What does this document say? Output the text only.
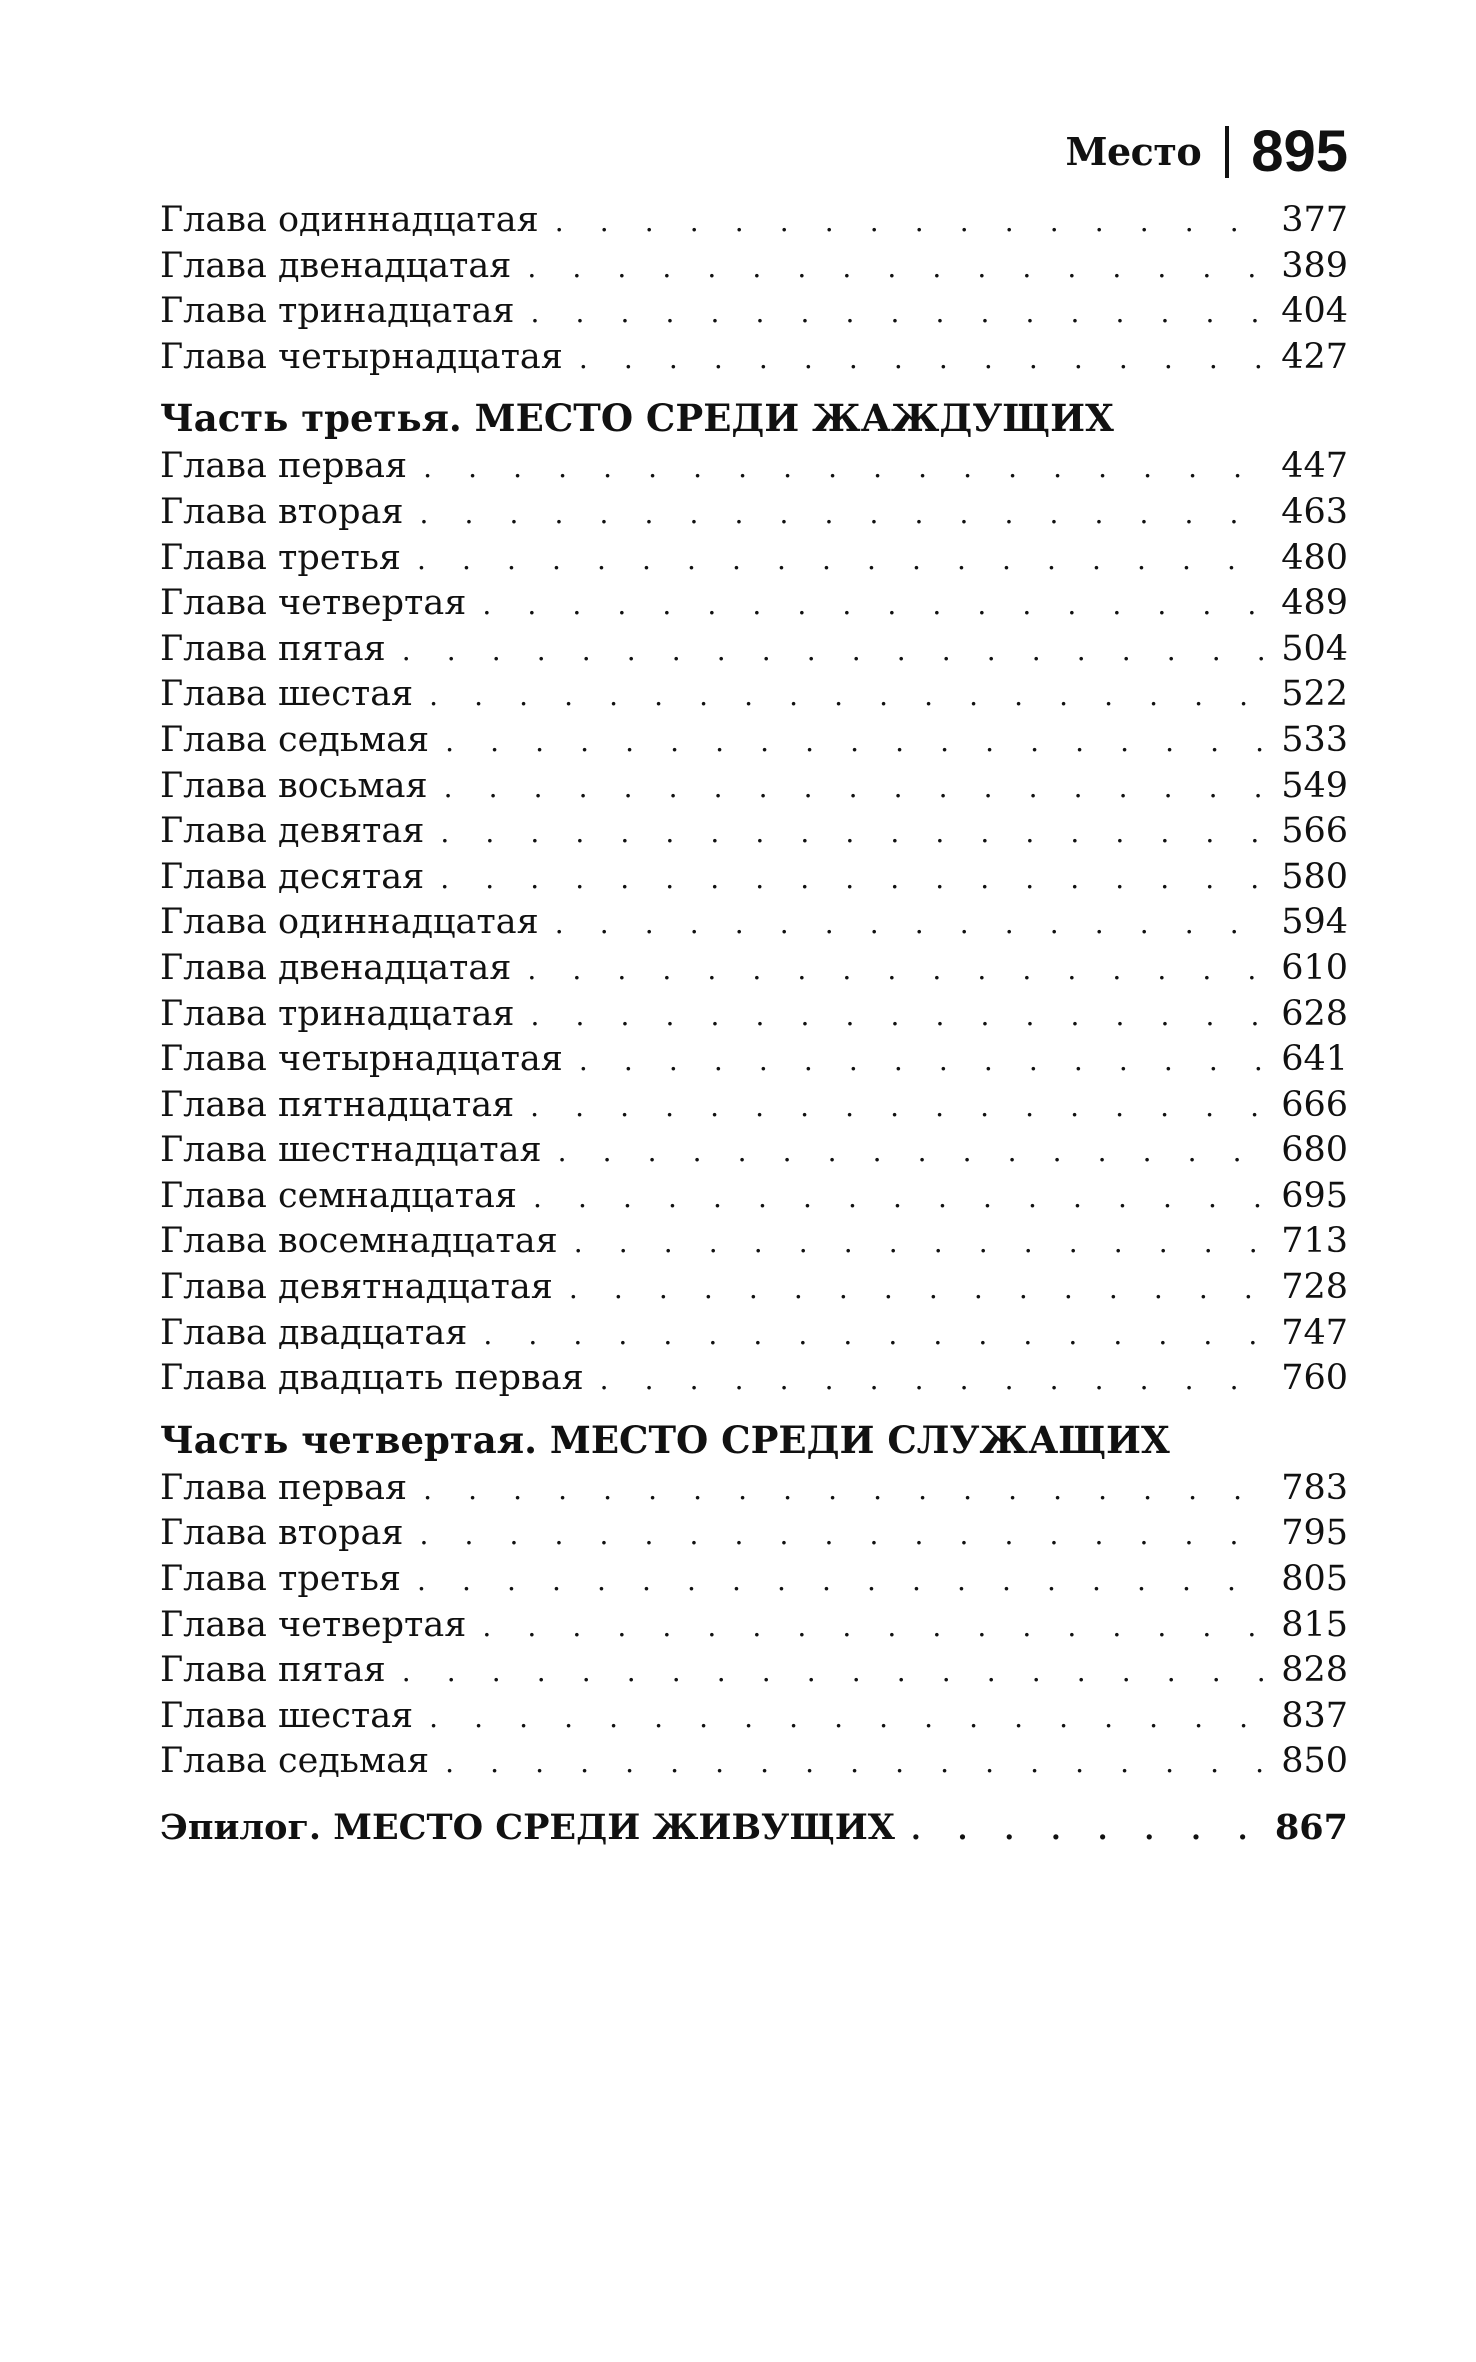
Место 895
Глава одиннадцатая . . .	377
Глава двенадцатая . . .	389
Глава тринадцатая . . .	404
Глава четырнадцатая . . .	427
Часть третья. МЕСТО СРЕДИ ЖАЖДУЩИХ
Глава первая . . .	447
Глава вторая . . .	463
Глава третья . . .	480
Глава четвертая . . .	489
Глава пятая . . .	504
Глава шестая . . .	522
Глава седьмая . . .	533
Глава восьмая . . .	549
Глава девятая . . .	566
Глава десятая . . .	580
Глава одиннадцатая . . .	594
Глава двенадцатая . . .	610
Глава тринадцатая . . .	628
Глава четырнадцатая . . .	641
Глава пятнадцатая . . .	666
Глава шестнадцатая . . .	680
Глава семнадцатая . . .	695
Глава восемнадцатая . . .	713
Глава девятнадцатая . . .	728
Глава двадцатая . . .	747
Глава двадцать первая . . .	760
Часть четвертая. МЕСТО СРЕДИ СЛУЖАЩИХ
Глава первая . . .	783
Глава вторая . . .	795
Глава третья . . .	805
Глава четвертая . . .	815
Глава пятая . . .	828
Глава шестая . . .	837
Глава седьмая . . .	850
Эпилог. МЕСТО СРЕДИ ЖИВУЩИХ . . .	867
